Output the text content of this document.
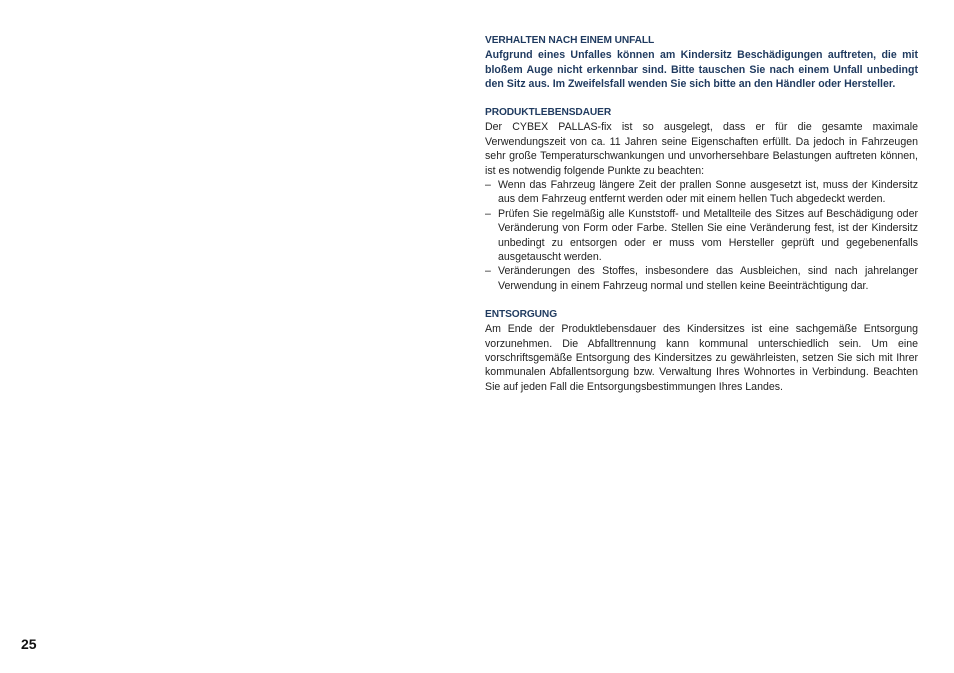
VERHALTEN NACH EINEM UNFALL

Aufgrund eines Unfalles können am Kindersitz Beschädigungen auftreten, die mit bloßem Auge nicht erkennbar sind. Bitte tauschen Sie nach einem Unfall unbedingt den Sitz aus. Im Zweifelsfall wenden Sie sich bitte an den Händler oder Hersteller.

PRODUKTLEBENSDAUER

Der CYBEX PALLAS-fix ist so ausgelegt, dass er für die gesamte maximale Verwendungszeit von ca. 11 Jahren seine Eigenschaften erfüllt. Da jedoch in Fahrzeugen sehr große Temperaturschwankungen und unvorhersehbare Belastungen auftreten können, ist es notwendig folgende Punkte zu beachten:

– Wenn das Fahrzeug längere Zeit der prallen Sonne ausgesetzt ist, muss der Kindersitz aus dem Fahrzeug entfernt werden oder mit einem hellen Tuch abgedeckt werden.
– Prüfen Sie regelmäßig alle Kunststoff- und Metallteile des Sitzes auf Beschädigung oder Veränderung von Form oder Farbe. Stellen Sie eine Veränderung fest, ist der Kindersitz unbedingt zu entsorgen oder er muss vom Hersteller geprüft und gegebenenfalls ausgetauscht werden.
– Veränderungen des Stoffes, insbesondere das Ausbleichen, sind nach jahrelanger Verwendung in einem Fahrzeug normal und stellen keine Beeinträchtigung dar.

ENTSORGUNG

Am Ende der Produktlebensdauer des Kindersitzes ist eine sachgemäße Entsorgung vorzunehmen. Die Abfalltrennung kann kommunal unterschiedlich sein. Um eine vorschriftsgemäße Entsorgung des Kindersitzes zu gewährleisten, setzen Sie sich mit Ihrer kommunalen Abfallentsorgung bzw. Verwaltung Ihres Wohnortes in Verbindung. Beachten Sie auf jeden Fall die Entsorgungsbestimmungen Ihres Landes.

25
